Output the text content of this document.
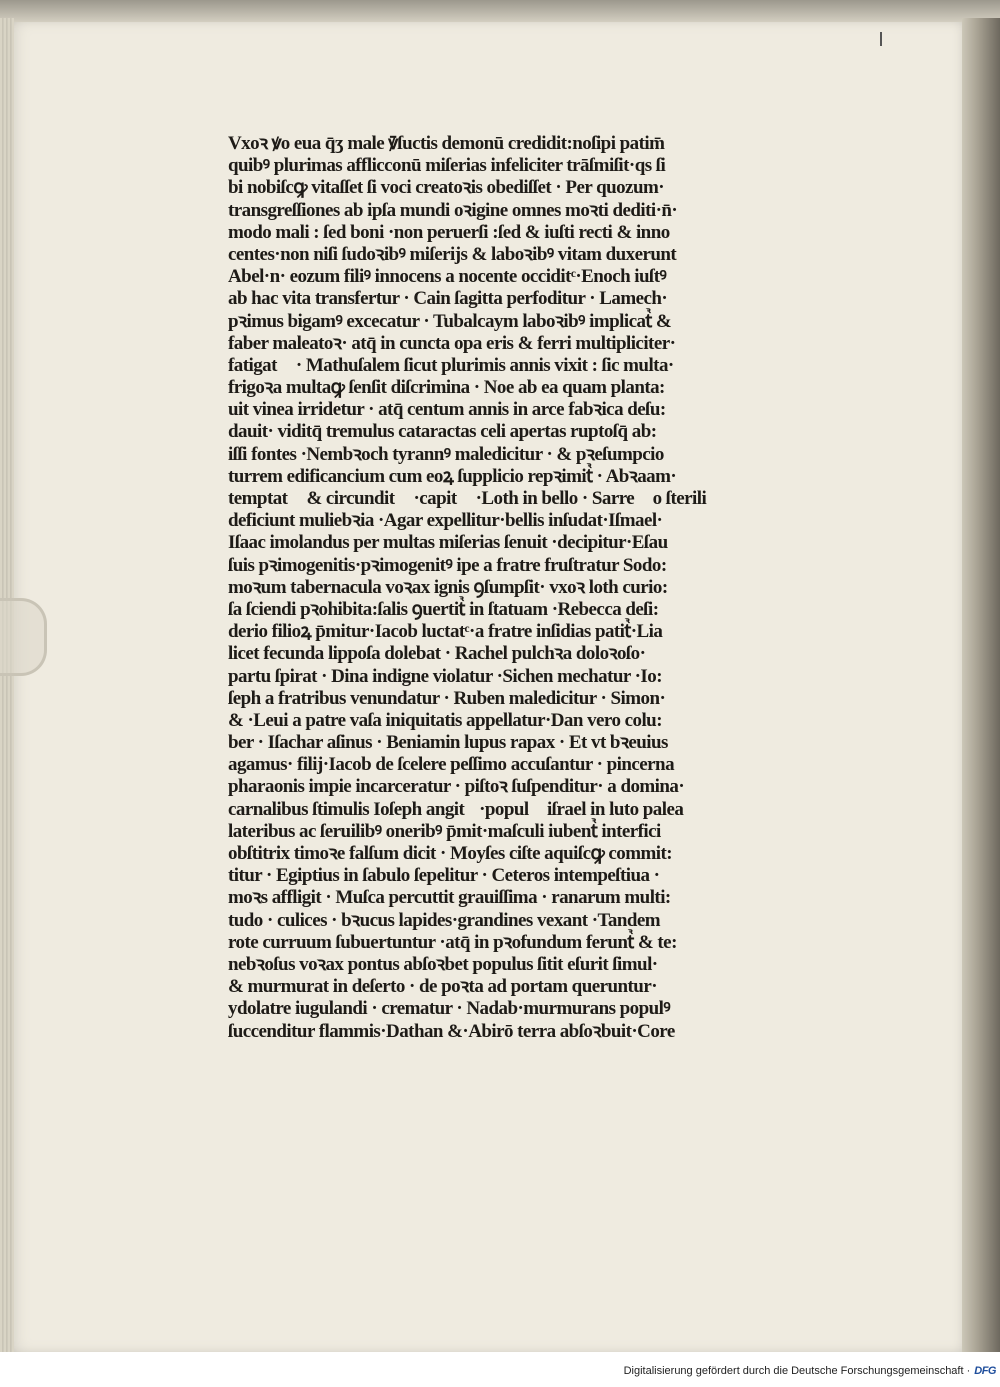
Vxoꝛ ꝟo eua q̄ʒ male ꝟ̄ſuctis demonū credidit:noſipi patim̄
quibꝰ plurimas afflicconū miſerias infeliciter trāſmiſit·qs ſi
bi nobiſcꝙ vitaſſet ſi voci creatoꝛis obediſſet · Per quozum·
transgreſſiones ab ipſa mundi oꝛigine omnes moꝛti dediti·n̄·
modo mali : ſed boni ·non peruerſi :ſed & iuſti recti & inno
centes·non niſi ſudoꝛibꝰ miſerijs & laboꝛibꝰ vitam duxerunt
Abel·n· eozum filiꝰ innocens a nocente occiditᶜ·Enoch iuſtꝰ
ab hac vita transfertur · Cain ſagitta perfoditur · Lamech·
pꝛimus bigamꝰ excecatur · Tubalcaym laboꝛibꝰ implicatᷣ &
faber maleatoꝛ· atq̄ in cuncta opa eris & ferri multipliciter·
fatigatᷣ · Mathuſalem ſicut plurimis annis vixit : ſic multa·
frigoꝛa multaꝙ ſenſit diſcrimina · Noe ab ea quam planta:
uit vinea irridetur · atq̄ centum annis in arce fabꝛica deſu:
dauit· viditq̄ tremulus cataractas celi apertas ruptoſq̄ ab:
iſſi fontes ·Nembꝛoch tyrannꝰ maledicitur · & pꝛeſumpcio
turrem edificancium cum eoꝝ ſupplicio repꝛimitᷣ · Abꝛaam·
temptatᷣ & circunditᷣ ·capitᷣ ·Loth in bello · Sarre ꝟo ſterili
deficiunt muliebꝛia ·Agar expellitur·bellis inſudat·Iſmael·
Iſaac imolandus per multas miſerias ſenuit ·decipitur·Eſau
ſuis pꝛimogenitis·pꝛimogenitꝰ ipe a fratre fruſtratur Sodo:
moꝛum tabernacula voꝛax ignis ꝯſumpſit· vxoꝛ loth curio:
ſa ſciendi pꝛohibita:ſalis ꝯuertitᷣ in ſtatuam ·Rebecca deſi:
derio filioꝝ p̄mitur·Iacob luctatᶜ·a fratre inſidias patitᷣ·Lia
licet fecunda lippoſa dolebat · Rachel pulchꝛa doloꝛoſo·
partu ſpirat · Dina indigne violatur ·Sichen mechatur ·Io:
ſeph a fratribus venundatur · Ruben maledicitur · Simon·
& ·Leui a patre vaſa iniquitatis appellatur·Dan vero colu:
ber · Iſachar aſinus · Beniamin lupus rapax · Et vt bꝛeuius
agamus· filij·Iacob de ſcelere peſſimo accuſantur · pincerna
pharaonis impie incarceratur · piſtoꝛ ſuſpenditur· a domina·
carnalibus ſtimulis Ioſeph angitᷣ·populꝰ iſrael in luto palea
lateribus ac ſeruilibꝰ oneribꝰ p̄mit·maſculi iubentᷣ interfici
obſtitrix timoꝛe falſum dicit · Moyſes ciſte aquiſcꝙ commit:
titur · Egiptius in ſabulo ſepelitur · Ceteros intempeſtiua ·
moꝛs affligit · Muſca percuttit grauiſſima · ranarum multi:
tudo · culices · bꝛucus lapides·grandines vexant ·Tandem
rote curruum ſubuertuntur ·atq̄ in pꝛofundum feruntᷣ & te:
nebꝛoſus voꝛax pontus abſoꝛbet populus ſitit eſurit ſimul·
& murmurat in deſerto · de poꝛta ad portam queruntur·
ydolatre iugulandi · crematur · Nadab·murmurans populꝰ
ſuccenditur flammis·Dathan &·Abirō terra abſoꝛbuit·Core
Digitalisierung gefördert durch die Deutsche Forschungsgemeinschaft · DFG
